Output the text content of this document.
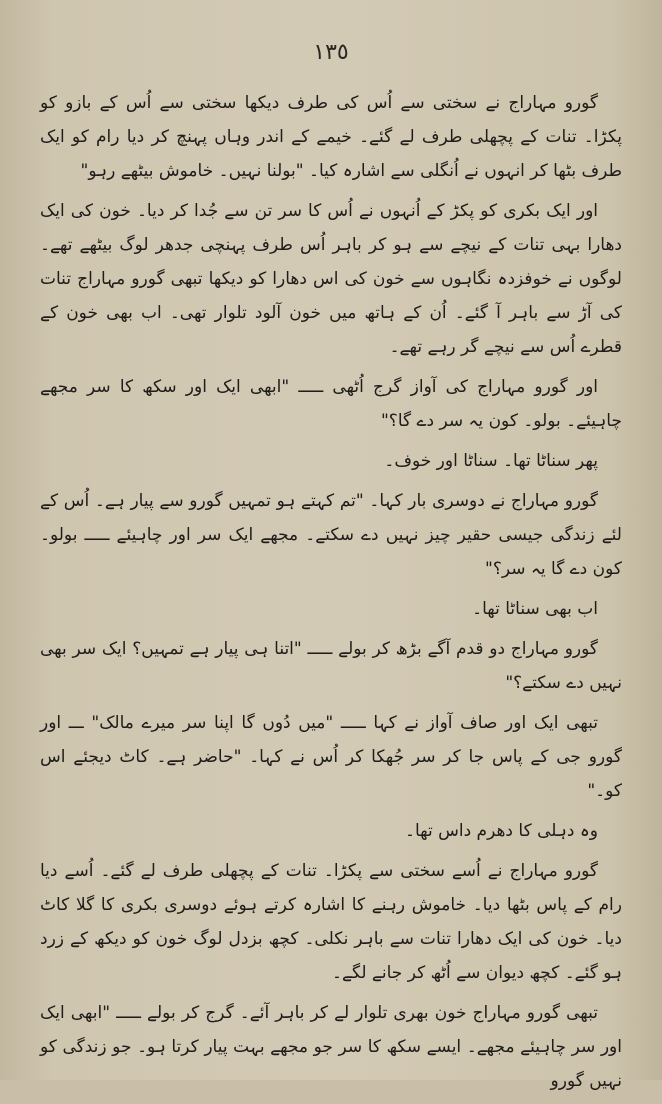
١٣٥

گورو مہاراج نے سختی سے اُس کی طرف دیکھا سختی سے اُس کے بازو کو پکڑا۔ تنات کے پچھلی طرف لے گئے۔ خیمے کے اندر وہاں پہنچ کر دیا رام کو ایک طرف بٹھا کر انہوں نے اُنگلی سے اشارہ کیا۔ "بولنا نہیں۔ خاموش بیٹھے رہو"

اور ایک بکری کو پکڑ کے اُنہوں نے اُس کا سر تن سے جُدا کر دیا۔ خون کی ایک دھارا بہی تنات کے نیچے سے ہو کر باہر اُس طرف پہنچی جدھر لوگ بیٹھے تھے۔ لوگوں نے خوفزدہ نگاہوں سے خون کی اس دھارا کو دیکھا تبھی گورو مہاراج تنات کی آڑ سے باہر آ گئے۔ اُن کے ہاتھ میں خون آلود تلوار تھی۔ اب بھی خون کے قطرے اُس سے نیچے گر رہے تھے۔

اور گورو مہاراج کی آواز گرج اُٹھی ـــــ "ابھی ایک اور سکھ کا سر مجھے چاہیئے۔ بولو۔ کون یہ سر دے گا؟"

پھر سناٹا تھا۔ سناٹا اور خوف۔

گورو مہاراج نے دوسری بار کہا۔ "تم کہتے ہو تمہیں گورو سے پیار ہے۔ اُس کے لئے زندگی جیسی حقیر چیز نہیں دے سکتے۔ مجھے ایک سر اور چاہیئے ـــــ بولو۔ کون دے گا یہ سر؟"

اب بھی سناٹا تھا۔

گورو مہاراج دو قدم آگے بڑھ کر بولے ـــــ "اتنا ہی پیار ہے تمہیں؟ ایک سر بھی نہیں دے سکتے؟"

تبھی ایک اور صاف آواز نے کہا ـــــ "میں دُوں گا اپنا سر میرے مالک" ـــ اور گورو جی کے پاس جا کر سر جُھکا کر اُس نے کہا۔ "حاضر ہے۔ کاٹ دیجئے اس کو۔"

وہ دہلی کا دھرم داس تھا۔

گورو مہاراج نے اُسے سختی سے پکڑا۔ تنات کے پچھلی طرف لے گئے۔ اُسے دیا رام کے پاس بٹھا دیا۔ خاموش رہنے کا اشارہ کرتے ہوئے دوسری بکری کا گلا کاٹ دیا۔ خون کی ایک دھارا تنات سے باہر نکلی۔ کچھ بزدل لوگ خون کو دیکھ کے زرد ہو گئے۔ کچھ دیوان سے اُٹھ کر جانے لگے۔

تبھی گورو مہاراج خون بھری تلوار لے کر باہر آئے۔ گرج کر بولے ـــــ "ابھی ایک اور سر چاہیئے مجھے۔ ایسے سکھ کا سر جو مجھے بہت پیار کرتا ہو۔ جو زندگی کو نہیں گورو
